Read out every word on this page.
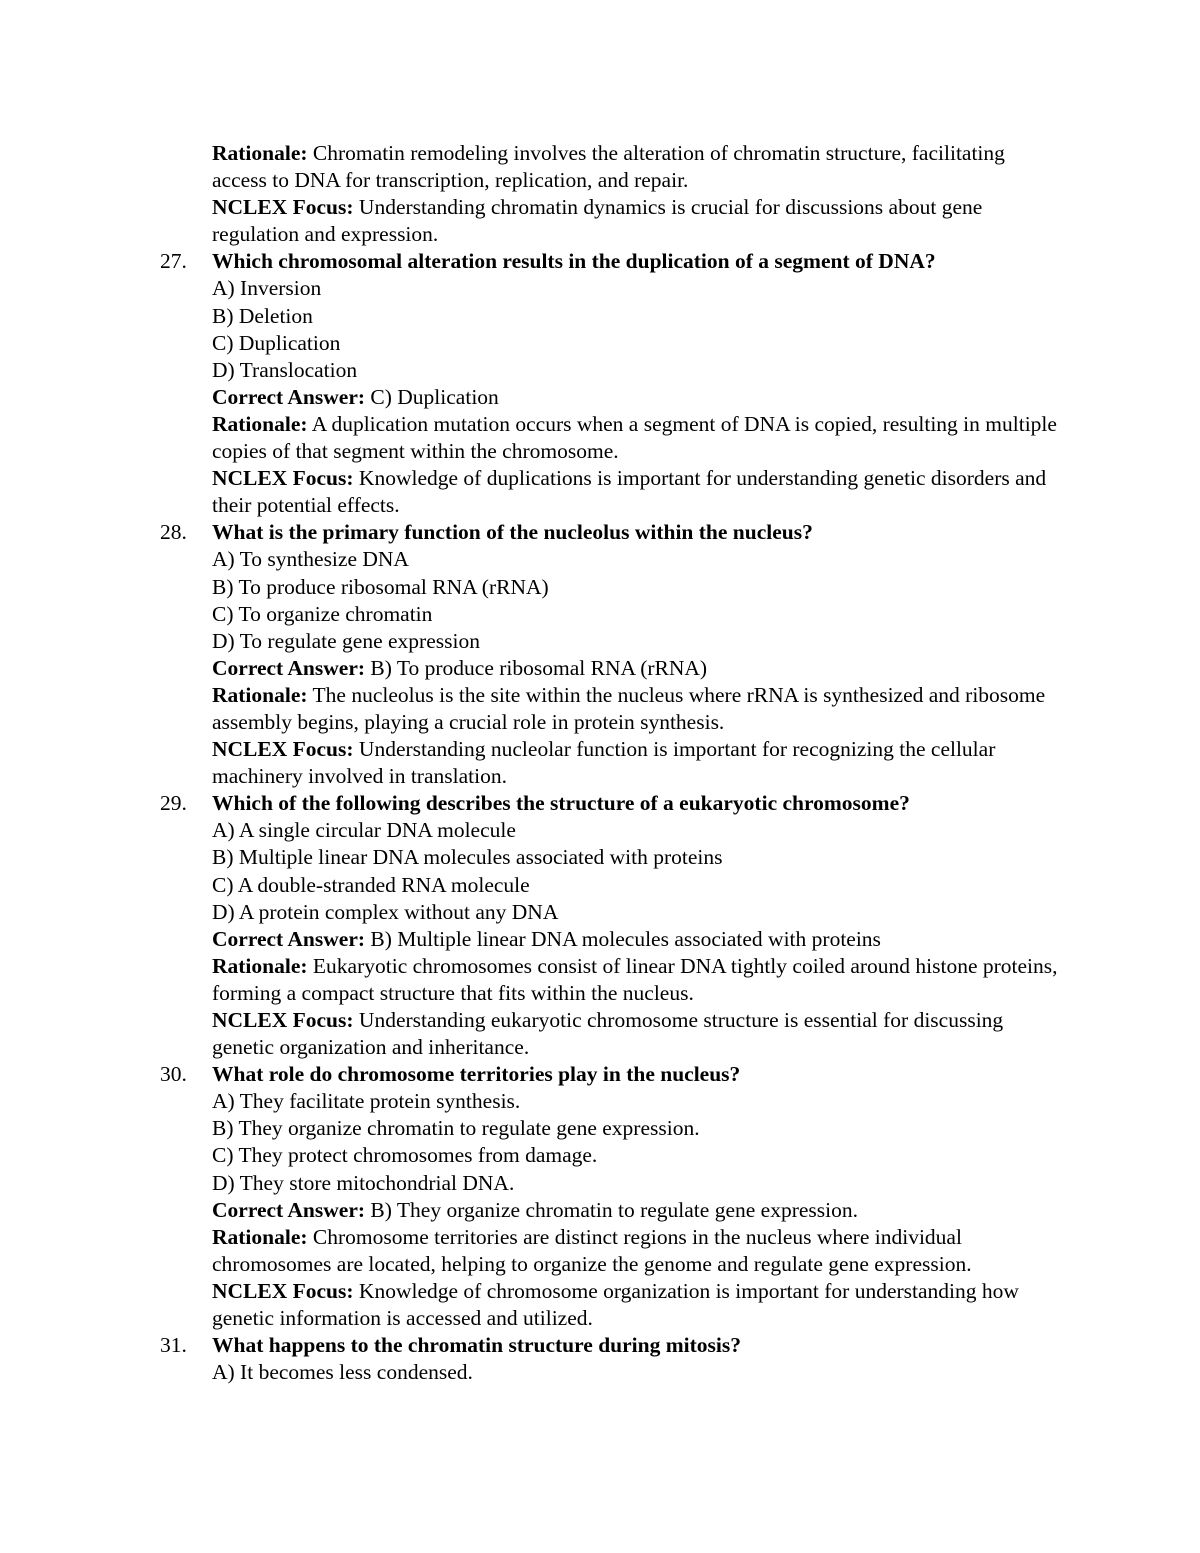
Rationale: Chromatin remodeling involves the alteration of chromatin structure, facilitating access to DNA for transcription, replication, and repair.
NCLEX Focus: Understanding chromatin dynamics is crucial for discussions about gene regulation and expression.
27.	Which chromosomal alteration results in the duplication of a segment of DNA?
A) Inversion
B) Deletion
C) Duplication
D) Translocation
Correct Answer: C) Duplication
Rationale: A duplication mutation occurs when a segment of DNA is copied, resulting in multiple copies of that segment within the chromosome.
NCLEX Focus: Knowledge of duplications is important for understanding genetic disorders and their potential effects.
28.	What is the primary function of the nucleolus within the nucleus?
A) To synthesize DNA
B) To produce ribosomal RNA (rRNA)
C) To organize chromatin
D) To regulate gene expression
Correct Answer: B) To produce ribosomal RNA (rRNA)
Rationale: The nucleolus is the site within the nucleus where rRNA is synthesized and ribosome assembly begins, playing a crucial role in protein synthesis.
NCLEX Focus: Understanding nucleolar function is important for recognizing the cellular machinery involved in translation.
29.	Which of the following describes the structure of a eukaryotic chromosome?
A) A single circular DNA molecule
B) Multiple linear DNA molecules associated with proteins
C) A double-stranded RNA molecule
D) A protein complex without any DNA
Correct Answer: B) Multiple linear DNA molecules associated with proteins
Rationale: Eukaryotic chromosomes consist of linear DNA tightly coiled around histone proteins, forming a compact structure that fits within the nucleus.
NCLEX Focus: Understanding eukaryotic chromosome structure is essential for discussing genetic organization and inheritance.
30.	What role do chromosome territories play in the nucleus?
A) They facilitate protein synthesis.
B) They organize chromatin to regulate gene expression.
C) They protect chromosomes from damage.
D) They store mitochondrial DNA.
Correct Answer: B) They organize chromatin to regulate gene expression.
Rationale: Chromosome territories are distinct regions in the nucleus where individual chromosomes are located, helping to organize the genome and regulate gene expression.
NCLEX Focus: Knowledge of chromosome organization is important for understanding how genetic information is accessed and utilized.
31.	What happens to the chromatin structure during mitosis?
A) It becomes less condensed.
